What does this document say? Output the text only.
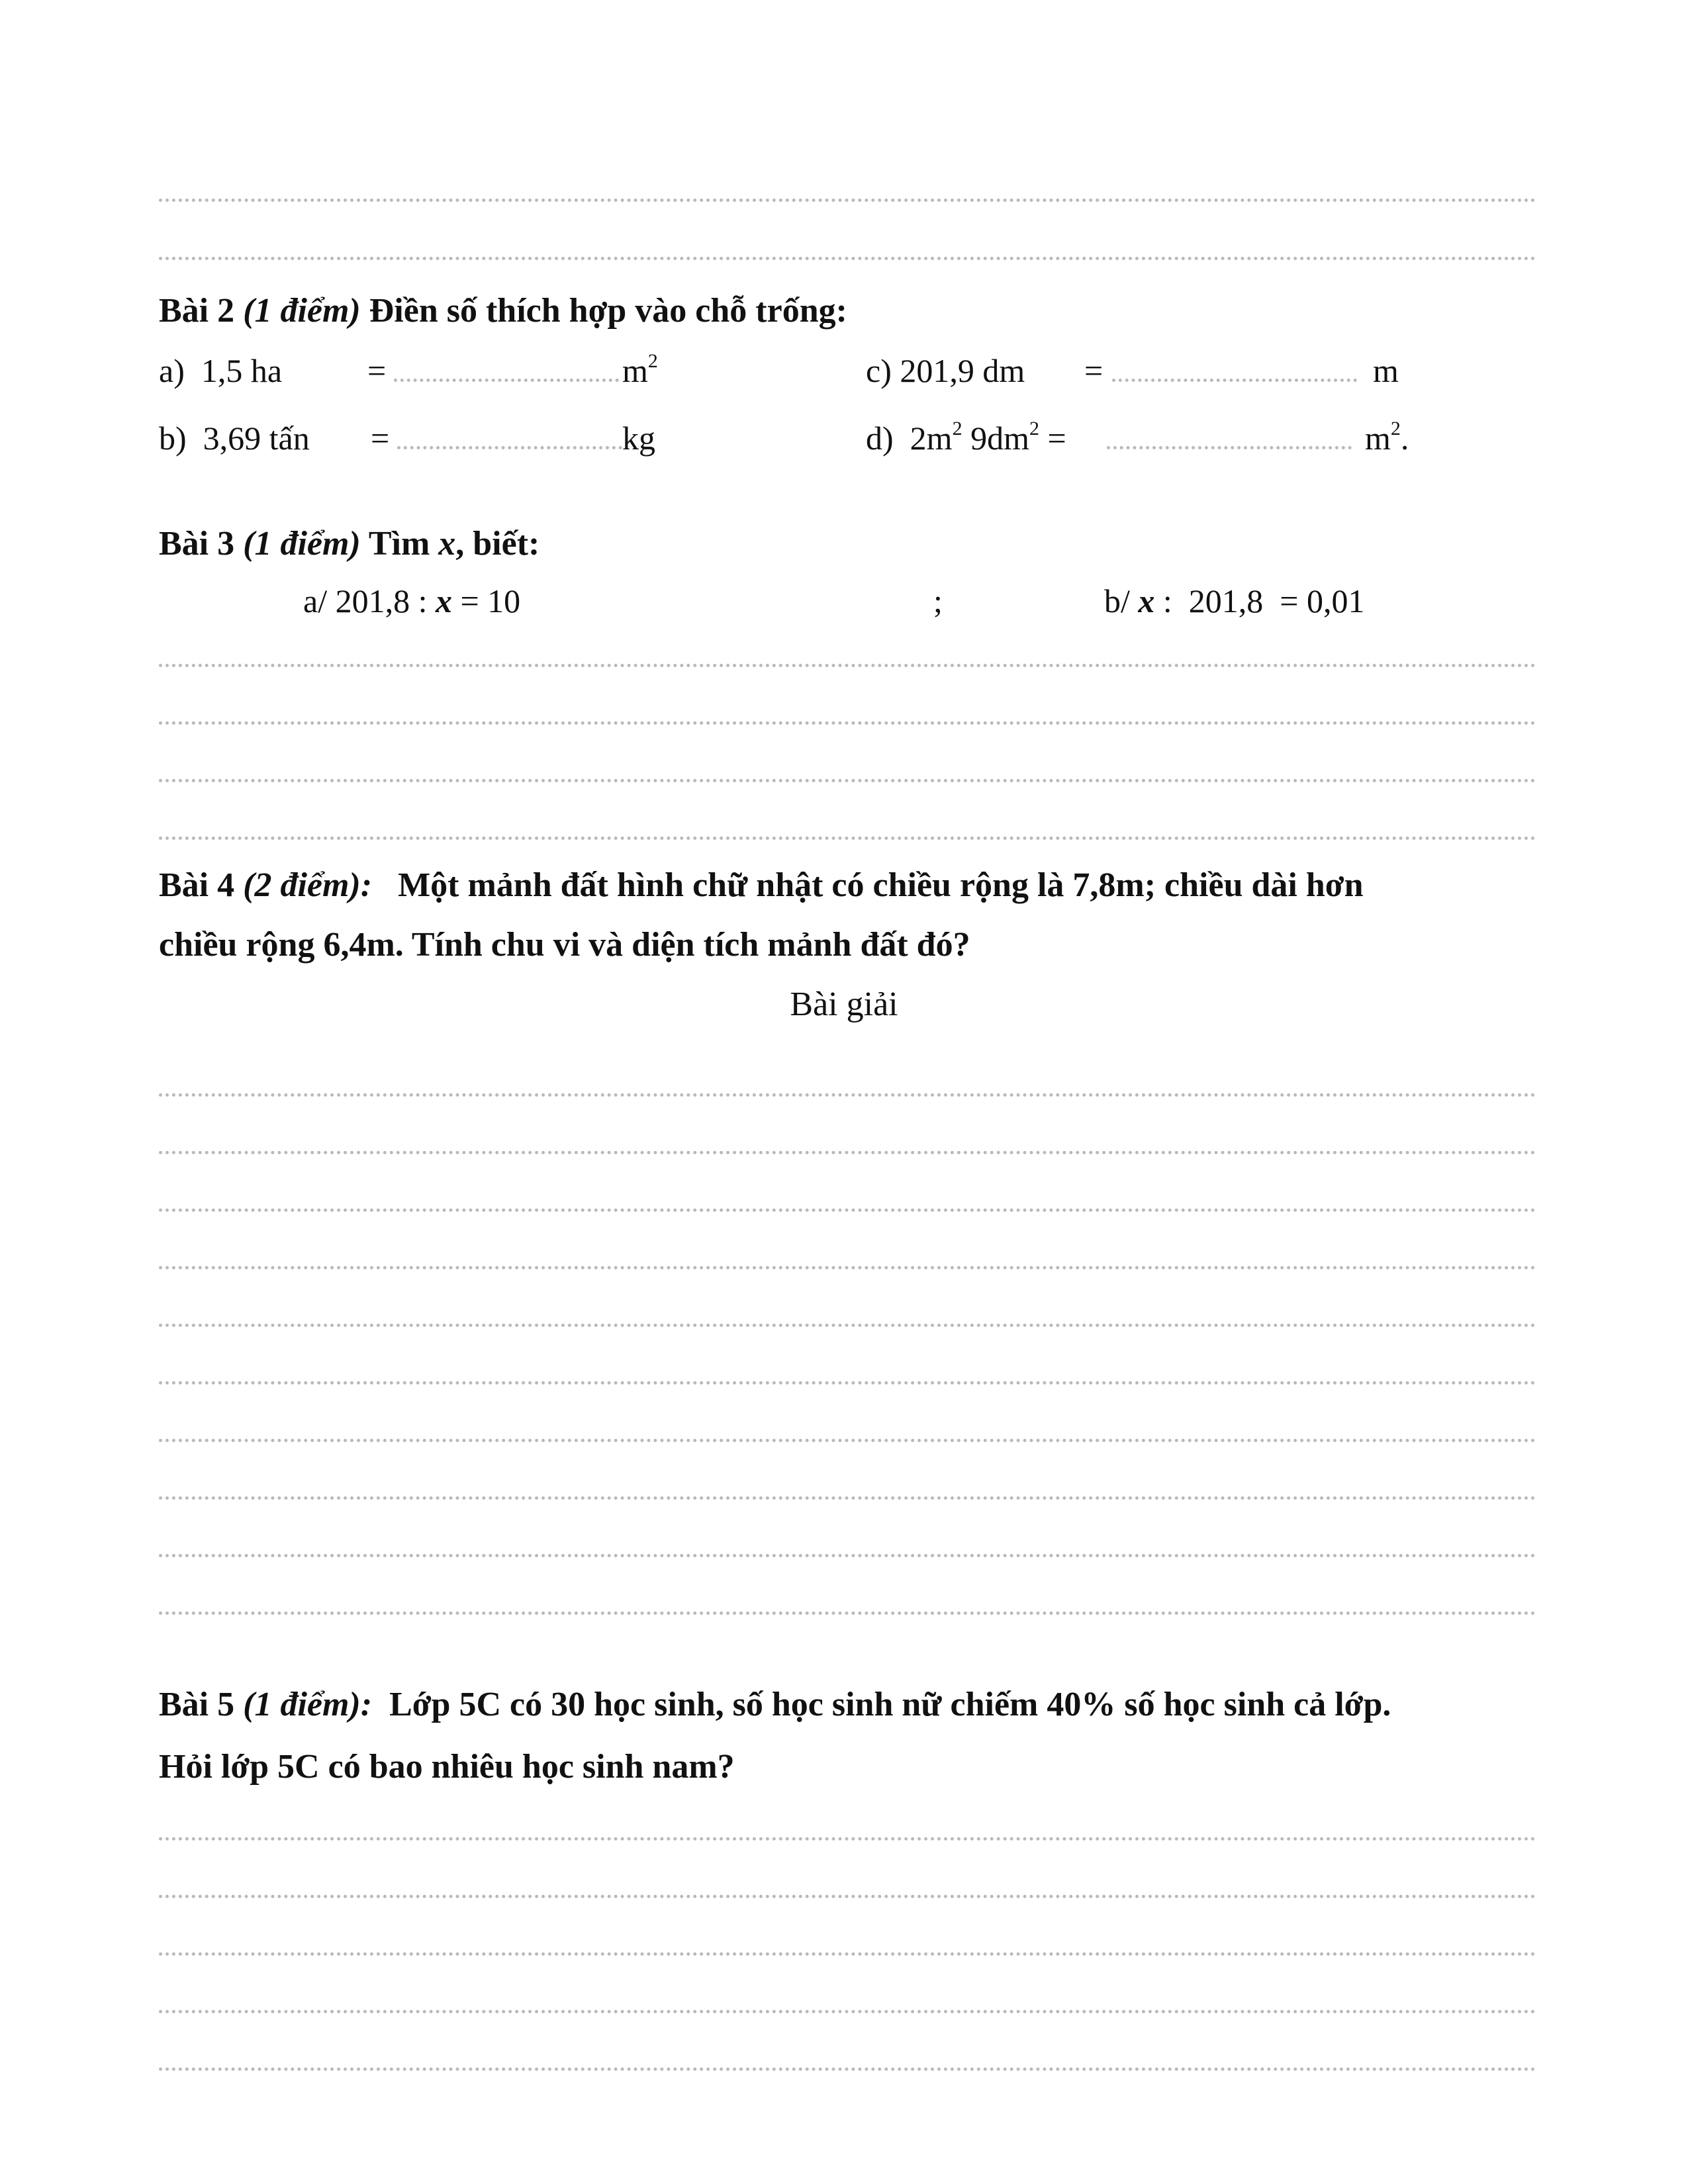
Bài 2 (1 điểm) Điền số thích hợp vào chỗ trống:
a) 1,5 ha	=	$m^2$	c) 201,9 dm =	m
b) 3,69 tấn =	kg	d) $2m^2$ $9dm^2$ =	$m^2$.
Bài 3 (1 điểm) Tìm x, biết:
a/ 201,8 : x = 10	;	b/ x :  201,8  = 0,01
Bài 4 (2 điểm): Một mảnh đất hình chữ nhật có chiều rộng là 7,8m; chiều dài hơn
chiều rộng 6,4m. Tính chu vi và diện tích mảnh đất đó?
Bài giải
Bài 5 (1 điểm): Lớp 5C có 30 học sinh, số học sinh nữ chiếm 40% số học sinh cả lớp.
Hỏi lớp 5C có bao nhiêu học sinh nam?
